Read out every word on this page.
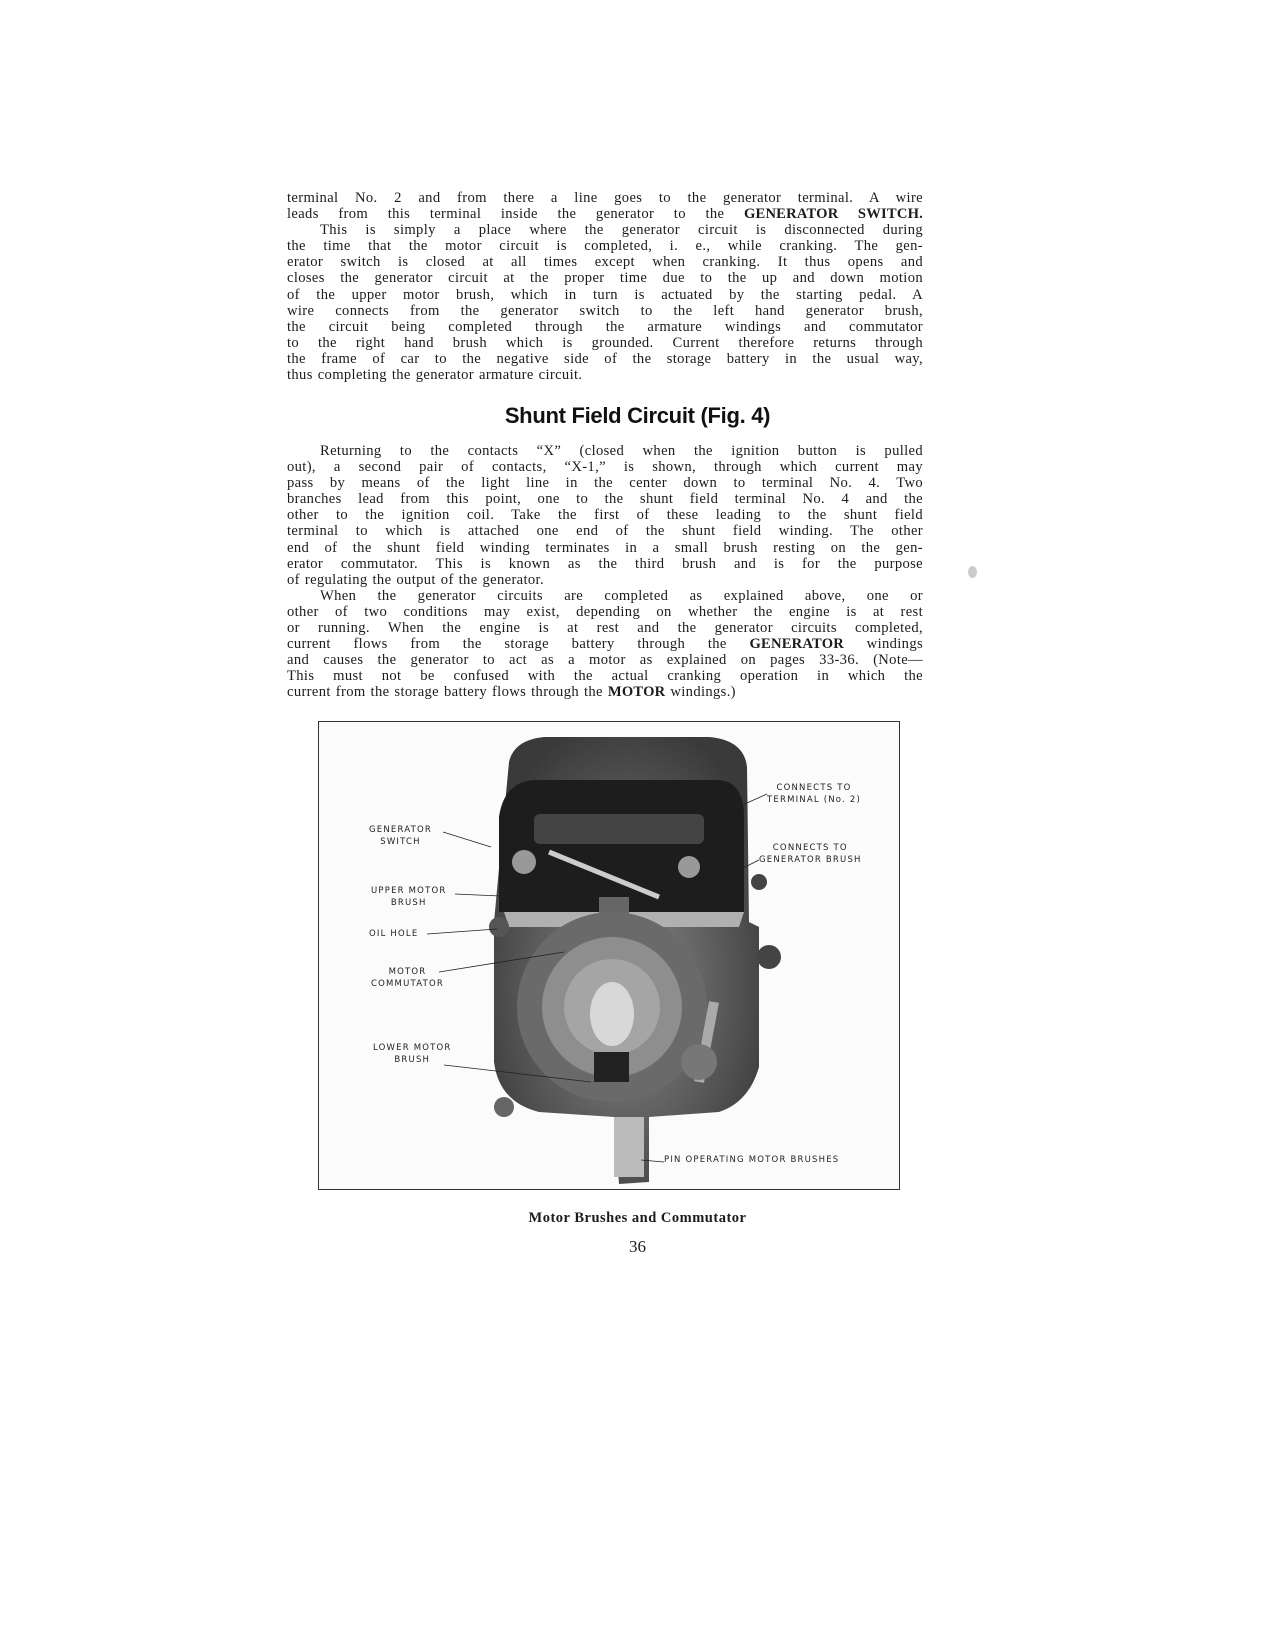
terminal No. 2 and from there a line goes to the generator terminal. A wire
leads from this terminal inside the generator to the GENERATOR SWITCH.
This is simply a place where the generator circuit is disconnected during
the time that the motor circuit is completed, i. e., while cranking. The gen-
erator switch is closed at all times except when cranking. It thus opens and
closes the generator circuit at the proper time due to the up and down motion
of the upper motor brush, which in turn is actuated by the starting pedal. A
wire connects from the generator switch to the left hand generator brush,
the circuit being completed through the armature windings and commutator
to the right hand brush which is grounded. Current therefore returns through
the frame of car to the negative side of the storage battery in the usual way,
thus completing the generator armature circuit.
Shunt Field Circuit (Fig. 4)
Returning to the contacts “X” (closed when the ignition button is pulled
out), a second pair of contacts, “X-1,” is shown, through which current may
pass by means of the light line in the center down to terminal No. 4. Two
branches lead from this point, one to the shunt field terminal No. 4 and the
other to the ignition coil. Take the first of these leading to the shunt field
terminal to which is attached one end of the shunt field winding. The other
end of the shunt field winding terminates in a small brush resting on the gen-
erator commutator. This is known as the third brush and is for the purpose
of regulating the output of the generator.
When the generator circuits are completed as explained above, one or
other of two conditions may exist, depending on whether the engine is at rest
or running. When the engine is at rest and the generator circuits completed,
current flows from the storage battery through the GENERATOR windings
and causes the generator to act as a motor as explained on pages 33-36. (Note—
This must not be confused with the actual cranking operation in which the
current from the storage battery flows through the MOTOR windings.)
GENERATOR
SWITCH
UPPER MOTOR
BRUSH
OIL HOLE
MOTOR
COMMUTATOR
LOWER MOTOR
BRUSH
CONNECTS TO
TERMINAL (No. 2)
CONNECTS TO
GENERATOR BRUSH
PIN OPERATING MOTOR BRUSHES
Motor Brushes and Commutator
36
